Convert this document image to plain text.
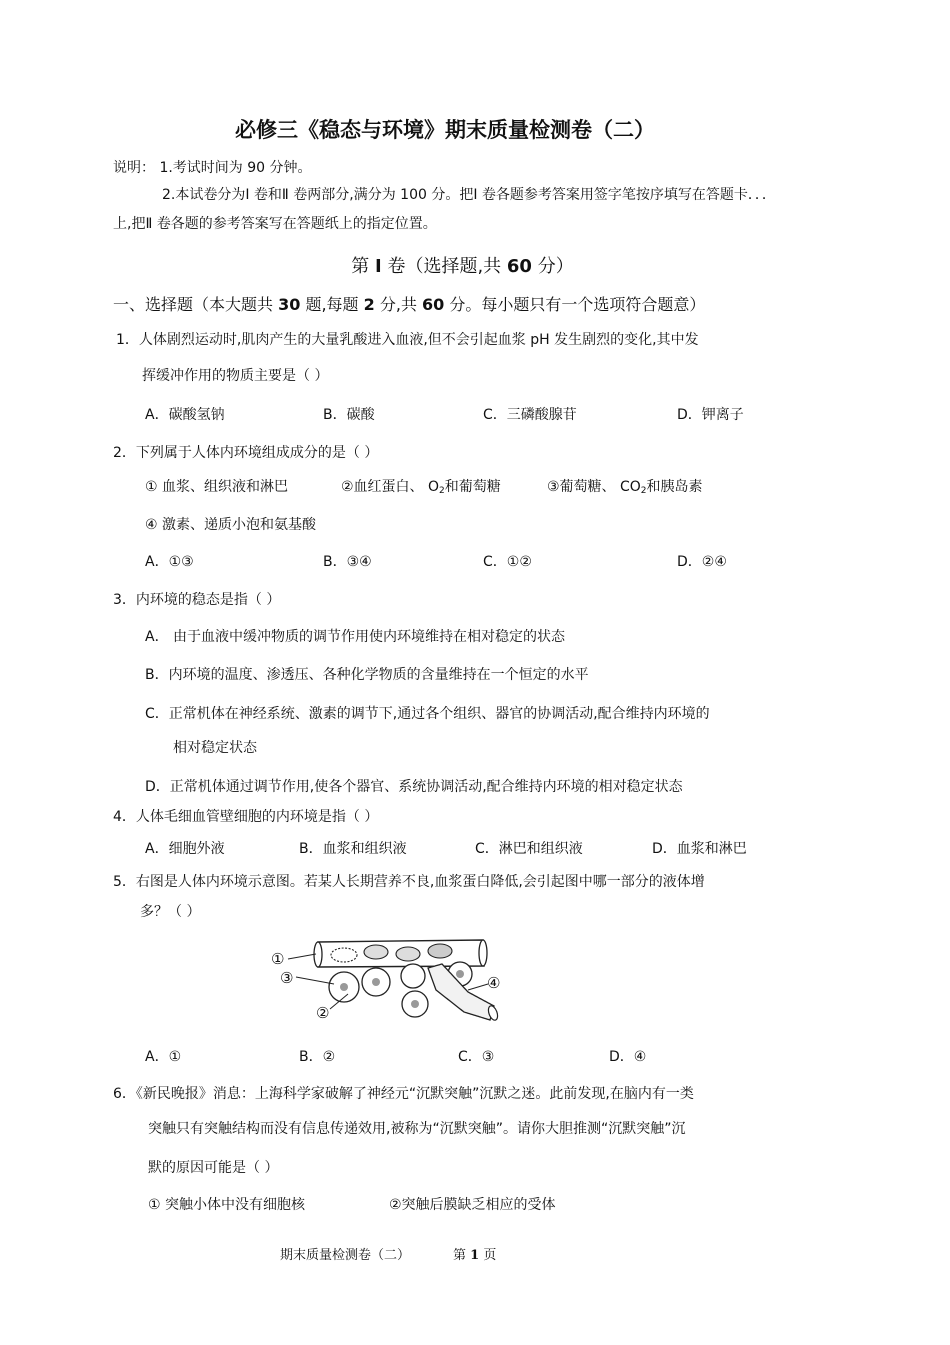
必修三《稳态与环境》期末质量检测卷（二）
说明： 1.考试时间为 90 分钟。
2.本试卷分为Ⅰ 卷和Ⅱ 卷两部分,满分为 100 分。把Ⅰ 卷各题参考答案用签字笔按序填写在答题卡．．．
上,把Ⅱ 卷各题的参考答案写在答题纸上的指定位置。
第 I 卷（选择题,共 60 分）
一、选择题（本大题共 30 题,每题 2 分,共 60 分。每小题只有一个选项符合题意）
1．人体剧烈运动时,肌肉产生的大量乳酸进入血液,但不会引起血浆 pH 发生剧烈的变化,其中发
挥缓冲作用的物质主要是（ ）
A．碳酸氢钠	B．碳酸	C．三磷酸腺苷	D．钾离子
2．下列属于人体内环境组成成分的是（ ）
① 血浆、组织液和淋巴	②血红蛋白、 $O_2$和葡萄糖	③葡萄糖、 $CO_2$和胰岛素
④ 激素、递质小泡和氨基酸
A．①③	B．③④	C．①②	D．②④
3．内环境的稳态是指（ ）
A． 由于血液中缓冲物质的调节作用使内环境维持在相对稳定的状态
B．内环境的温度、渗透压、各种化学物质的含量维持在一个恒定的水平
C．正常机体在神经系统、激素的调节下,通过各个组织、器官的协调活动,配合维持内环境的
相对稳定状态
D．正常机体通过调节作用,使各个器官、系统协调活动,配合维持内环境的相对稳定状态
4．人体毛细血管壁细胞的内环境是指（ ）
A．细胞外液	B．血浆和组织液	C．淋巴和组织液	D．血浆和淋巴
5．右图是人体内环境示意图。若某人长期营养不良,血浆蛋白降低,会引起图中哪一部分的液体增
多？（ ）
①
③
②
④
A．①	B．②	C．③	D．④
6．《新民晚报》消息：上海科学家破解了神经元“沉默突触”沉默之迷。此前发现,在脑内有一类
突触只有突触结构而没有信息传递效用,被称为“沉默突触”。请你大胆推测“沉默突触”沉
默的原因可能是（ ）
① 突触小体中没有细胞核	②突触后膜缺乏相应的受体
期末质量检测卷（二）	第 1 页
